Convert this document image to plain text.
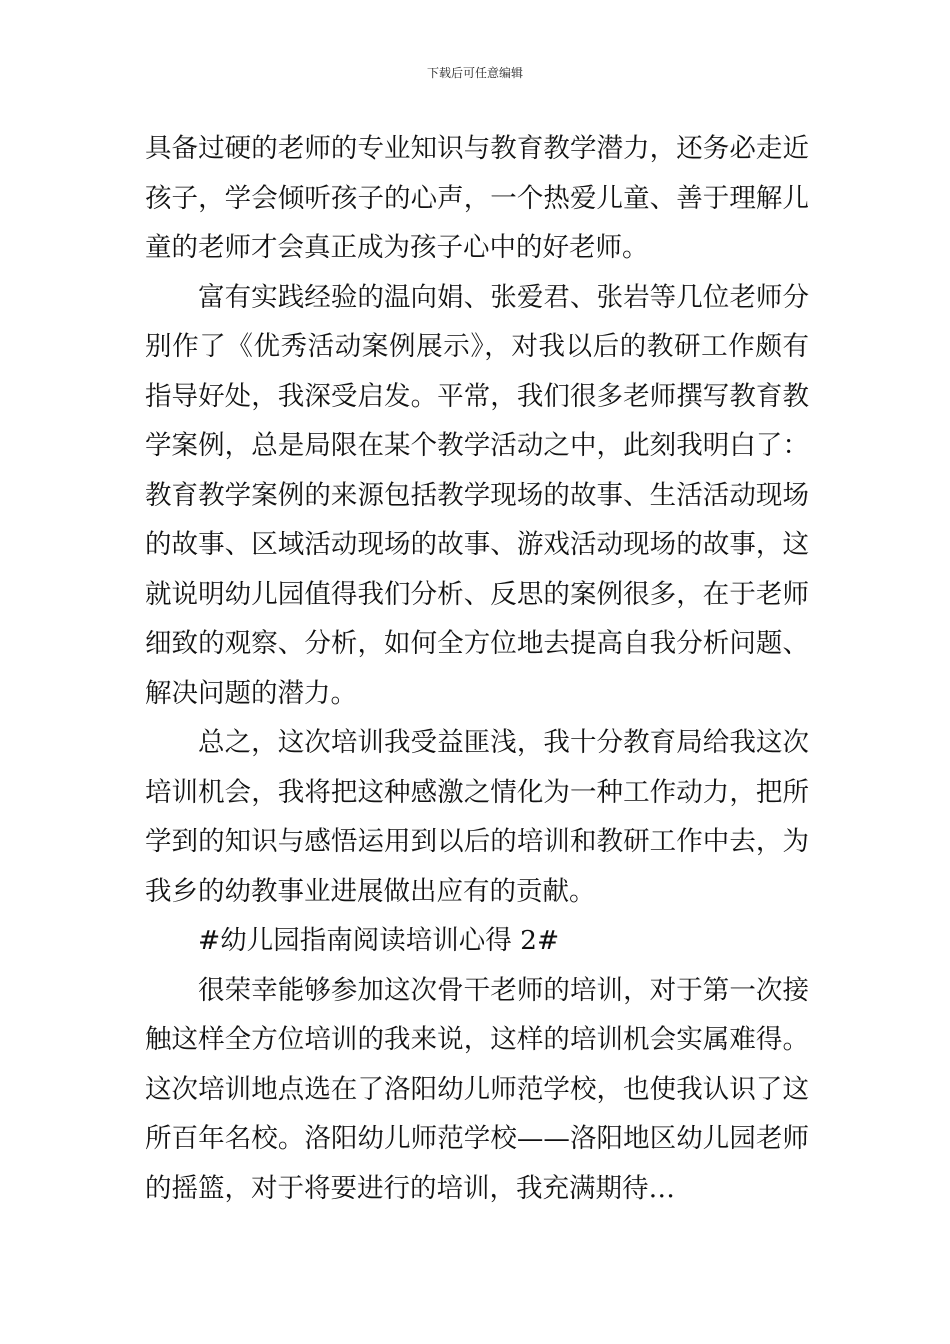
下载后可任意编辑

具备过硬的老师的专业知识与教育教学潜力，还务必走近孩子，学会倾听孩子的心声，一个热爱儿童、善于理解儿童的老师才会真正成为孩子心中的好老师。

富有实践经验的温向娟、张爱君、张岩等几位老师分别作了《优秀活动案例展示》，对我以后的教研工作颇有指导好处，我深受启发。平常，我们很多老师撰写教育教学案例，总是局限在某个教学活动之中，此刻我明白了：教育教学案例的来源包括教学现场的故事、生活活动现场的故事、区域活动现场的故事、游戏活动现场的故事，这就说明幼儿园值得我们分析、反思的案例很多，在于老师细致的观察、分析，如何全方位地去提高自我分析问题、解决问题的潜力。

总之，这次培训我受益匪浅，我十分教育局给我这次培训机会，我将把这种感激之情化为一种工作动力，把所学到的知识与感悟运用到以后的培训和教研工作中去，为我乡的幼教事业进展做出应有的贡献。

#幼儿园指南阅读培训心得 2#

很荣幸能够参加这次骨干老师的培训，对于第一次接触这样全方位培训的我来说，这样的培训机会实属难得。这次培训地点选在了洛阳幼儿师范学校，也使我认识了这所百年名校。洛阳幼儿师范学校——洛阳地区幼儿园老师的摇篮，对于将要进行的培训，我充满期待…
